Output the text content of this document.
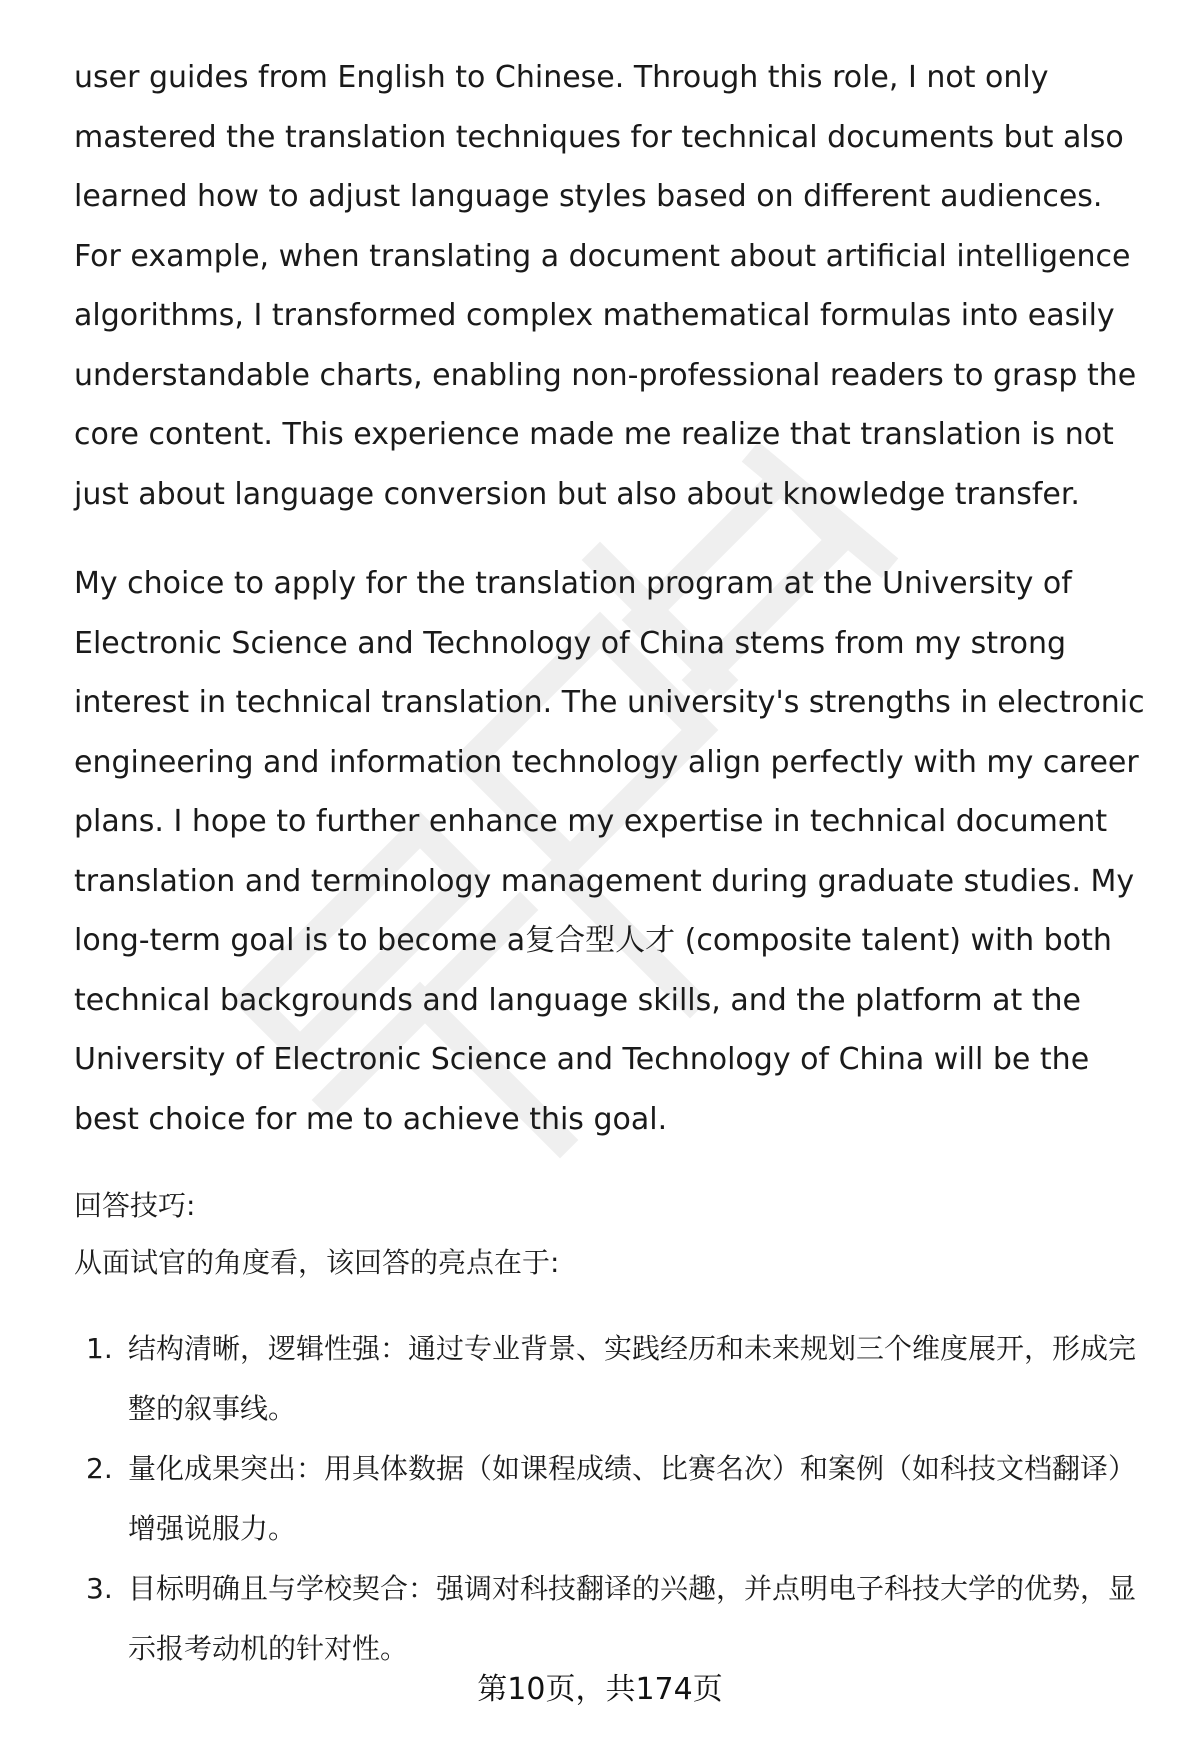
user guides from English to Chinese. Through this role, I not only mastered the translation techniques for technical documents but also learned how to adjust language styles based on different audiences. For example, when translating a document about artificial intelligence algorithms, I transformed complex mathematical formulas into easily understandable charts, enabling non-professional readers to grasp the core content. This experience made me realize that translation is not just about language conversion but also about knowledge transfer.

My choice to apply for the translation program at the University of Electronic Science and Technology of China stems from my strong interest in technical translation. The university's strengths in electronic engineering and information technology align perfectly with my career plans. I hope to further enhance my expertise in technical document translation and terminology management during graduate studies. My long-term goal is to become a复合型人才 (composite talent) with both technical backgrounds and language skills, and the platform at the University of Electronic Science and Technology of China will be the best choice for me to achieve this goal.

回答技巧:

从面试官的角度看，该回答的亮点在于:

1. 结构清晰，逻辑性强：通过专业背景、实践经历和未来规划三个维度展开，形成完整的叙事线。
2. 量化成果突出：用具体数据（如课程成绩、比赛名次）和案例（如科技文档翻译）增强说服力。
3. 目标明确且与学校契合：强调对科技翻译的兴趣，并点明电子科技大学的优势，显示报考动机的针对性。
第10页，共174页
